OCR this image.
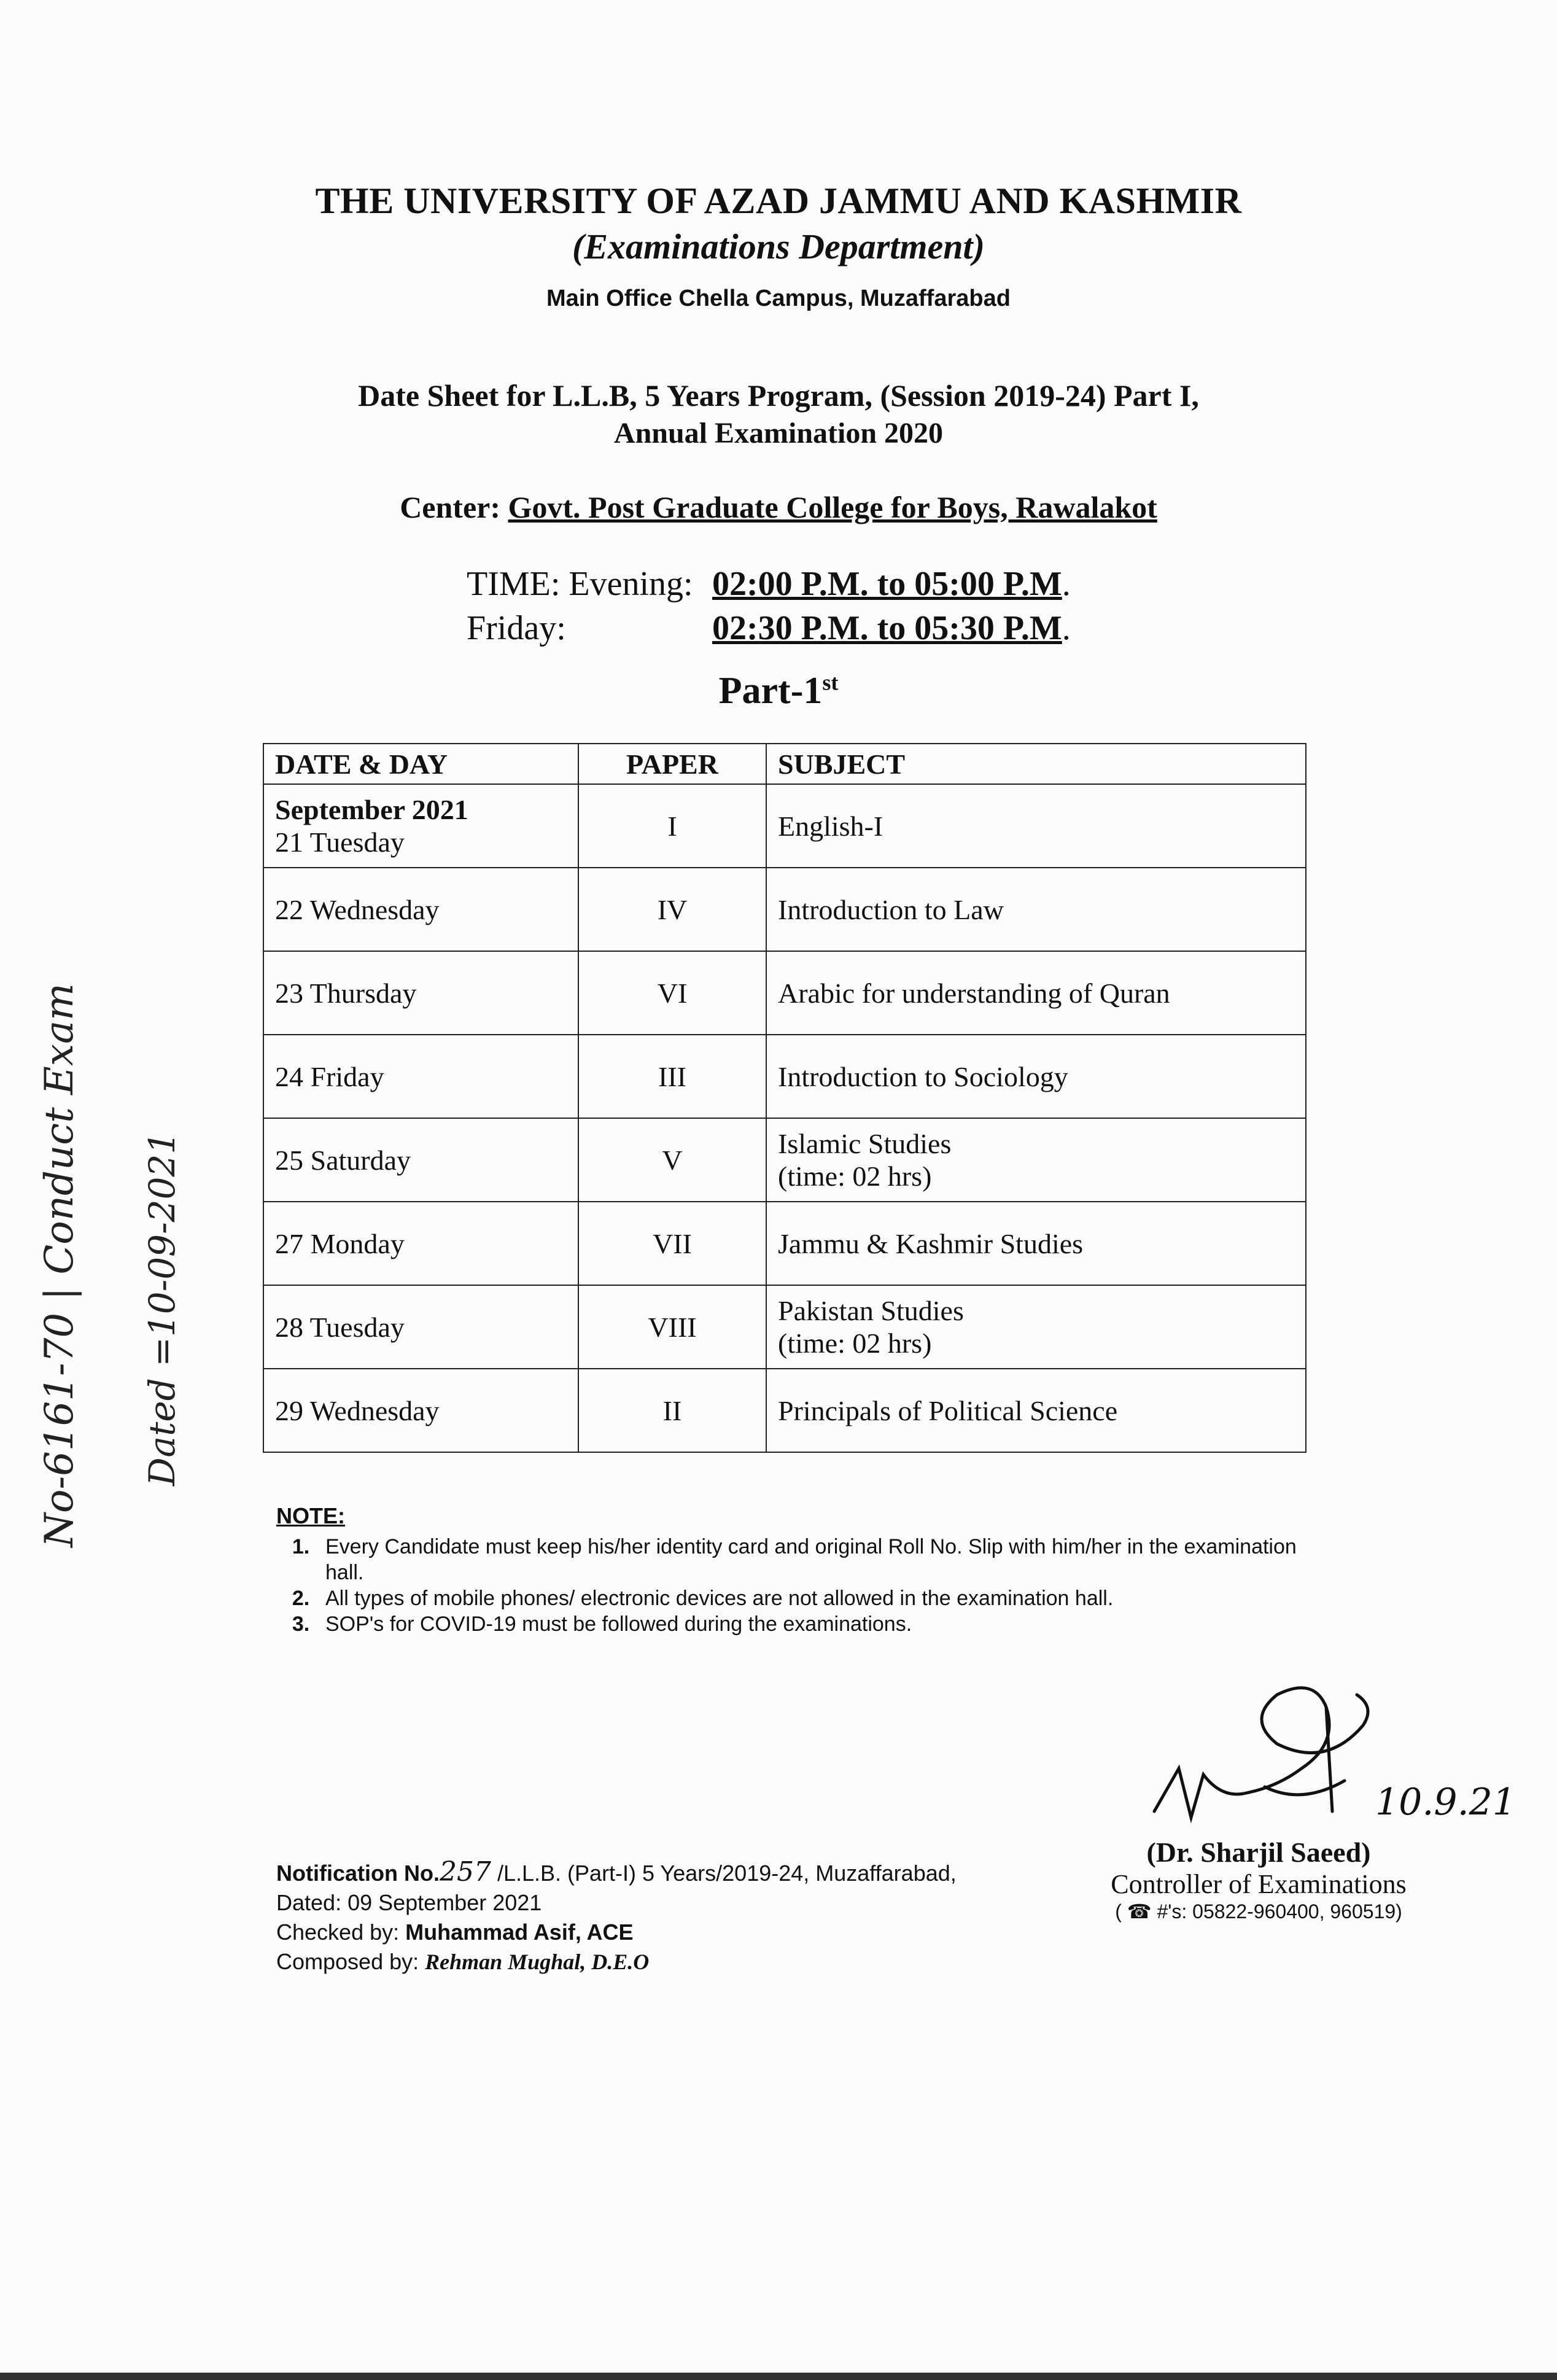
THE UNIVERSITY OF AZAD JAMMU AND KASHMIR
(Examinations Department)
Main Office Chella Campus, Muzaffarabad
Date Sheet for L.L.B, 5 Years Program, (Session 2019-24) Part I,
Annual Examination 2020
Center: Govt. Post Graduate College for Boys, Rawalakot
TIME: Evening: 02:00 P.M. to 05:00 P.M .
Friday:	02:30 P.M. to 05:30 P.M .
Part-1st
DATE & DAY	PAPER	SUBJECT

September 2021
21 Tuesday	I	English-I
22 Wednesday	IV	Introduction to Law
23 Thursday	VI	Arabic for understanding of Quran
24 Friday	III	Introduction to Sociology
25 Saturday	V	Islamic Studies
(time: 02 hrs)

27 Monday	VII	Jammu & Kashmir Studies
28 Tuesday	VIII	Pakistan Studies
(time: 02 hrs)

29 Wednesday	II	Principals of Political Science
NOTE:
1. Every Candidate must keep his/her identity card and original Roll No. Slip with him/her in the examination hall.
2. All types of mobile phones/ electronic devices are not allowed in the examination hall.
3. SOP's for COVID-19 must be followed during the examinations.
Notification No.257 /L.L.B. (Part-I) 5 Years/2019-24, Muzaffarabad,
Dated: 09 September 2021
Checked by: Muhammad Asif, ACE
Composed by: Rehman Mughal, D.E.O
10.9.21
(Dr. Sharjil Saeed)
Controller of Examinations
( ☎ #'s: 05822-960400, 960519)
No-6161-70 | Conduct Exam Dated =10-09-2021
